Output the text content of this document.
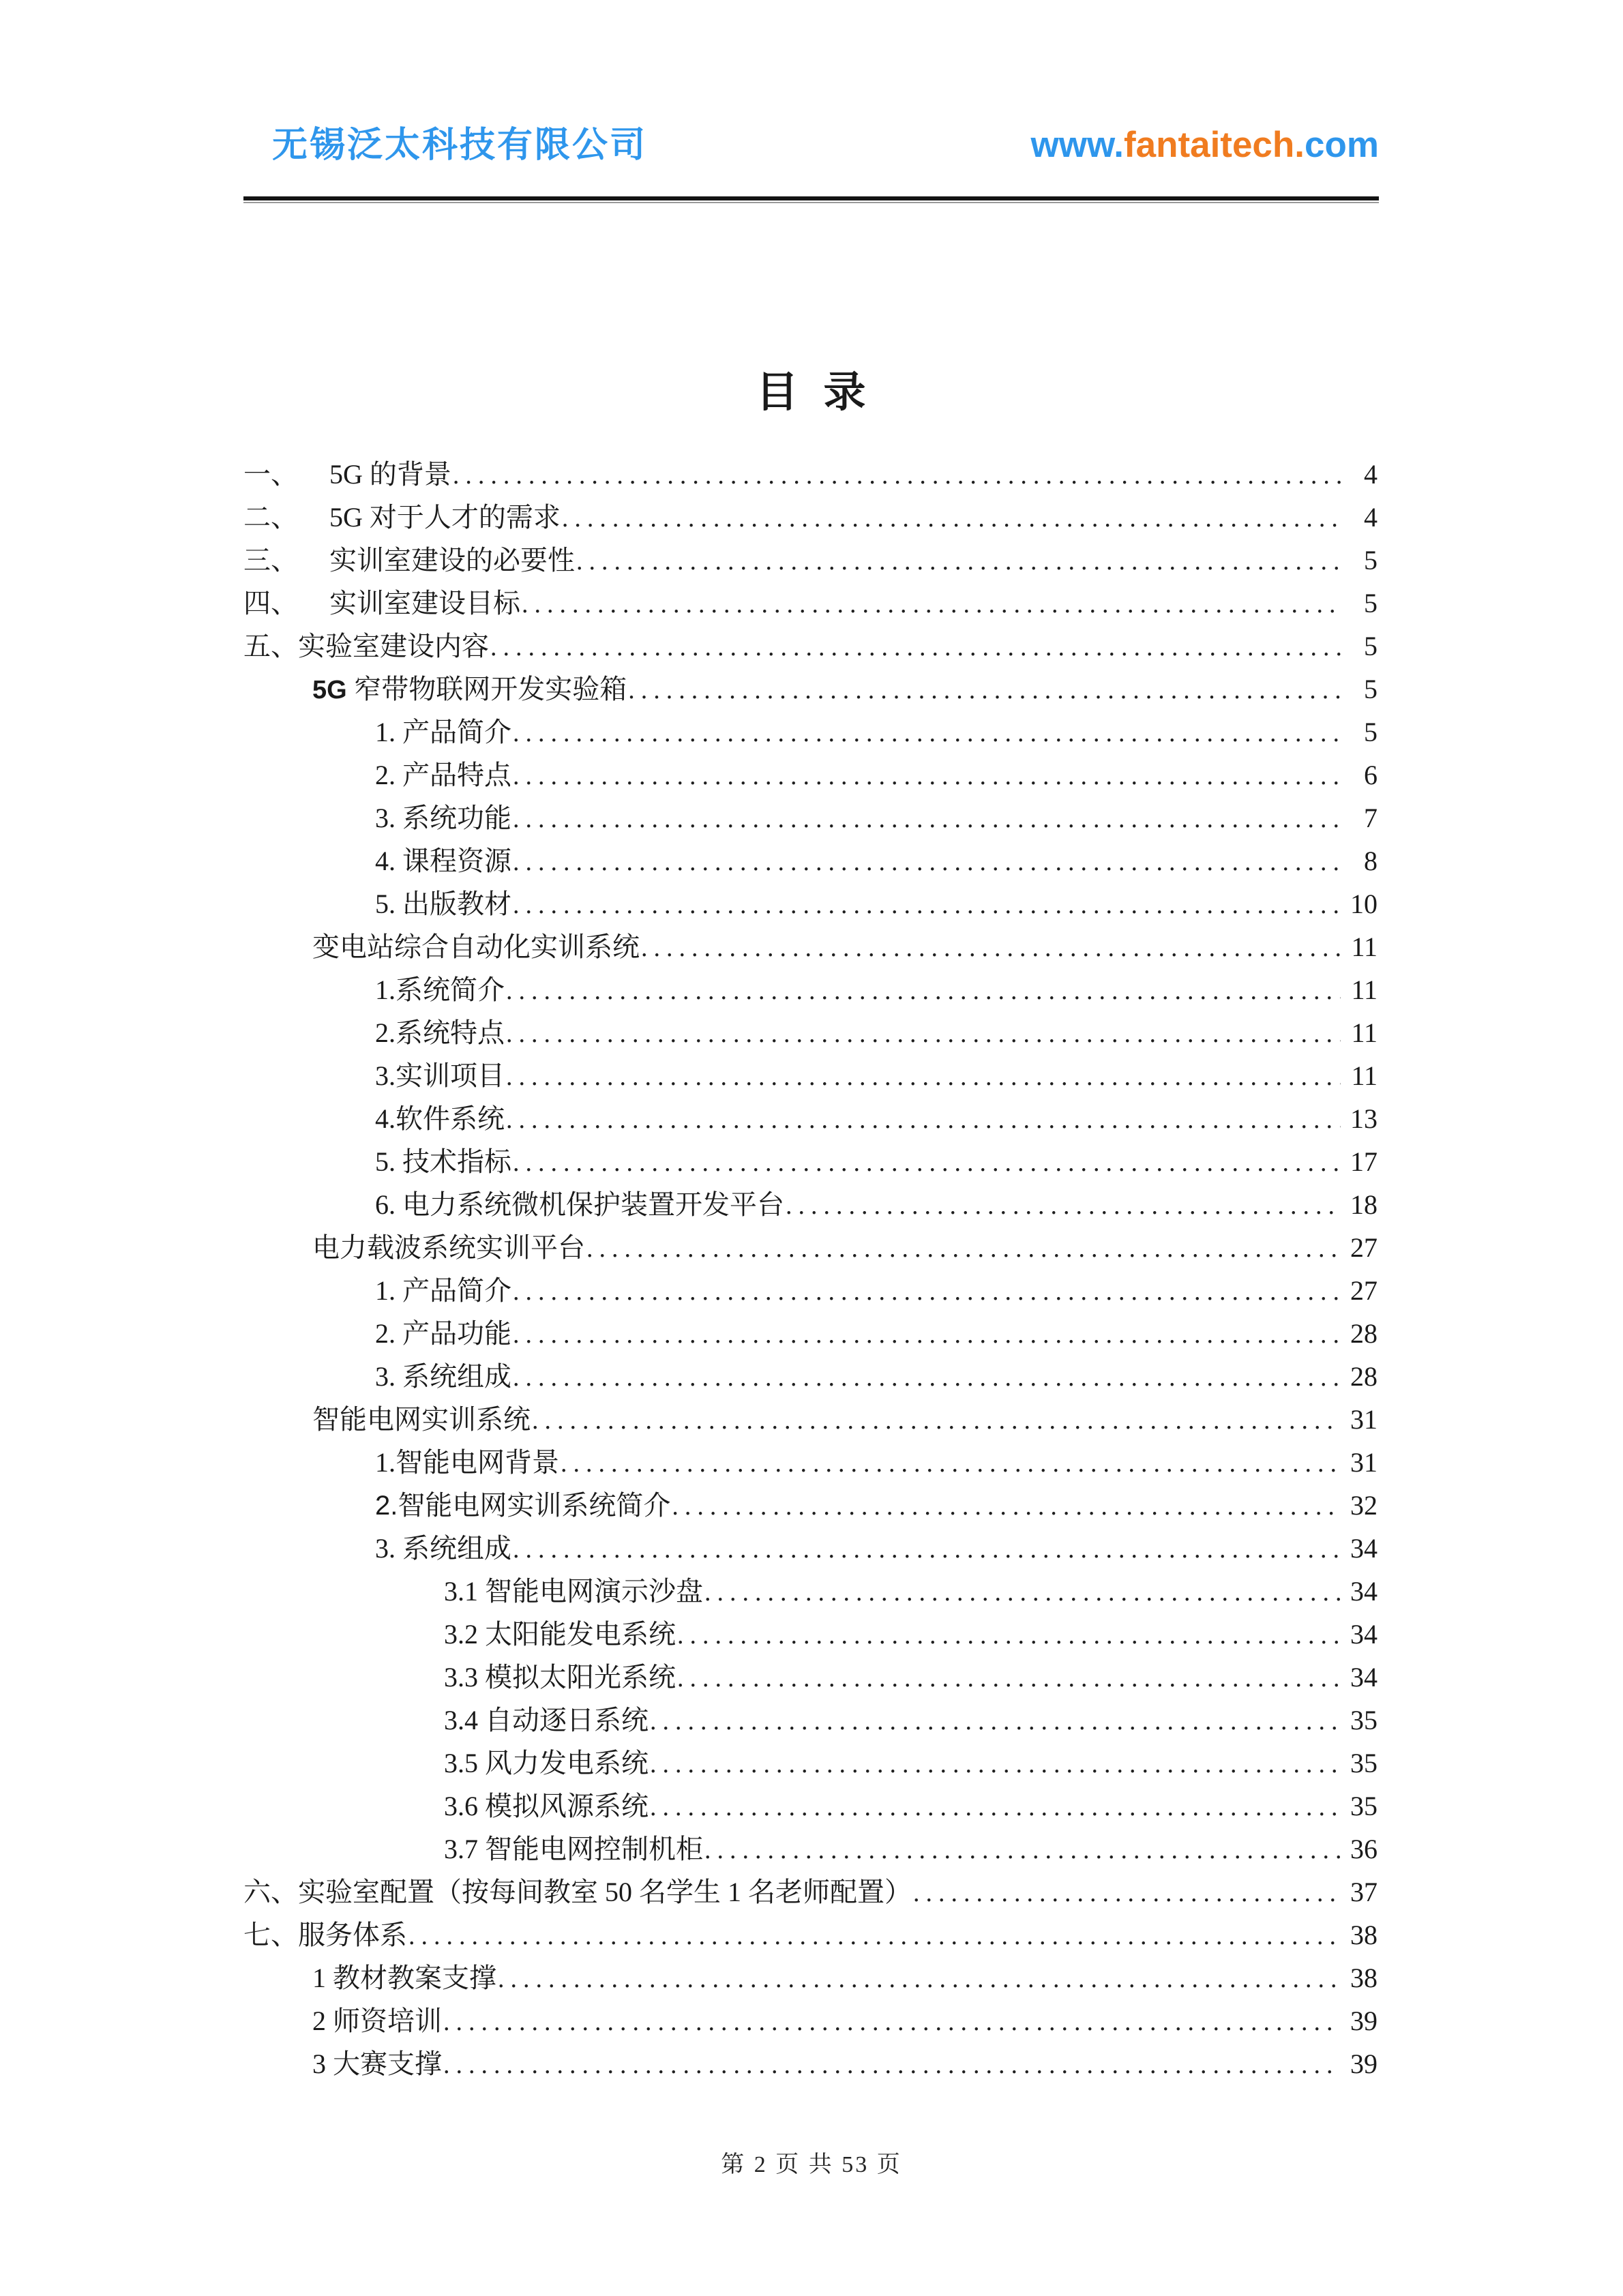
无锡泛太科技有限公司	www.fantaitech.com
目  录
一、 5G 的背景 .....	4
二、 5G 对于人才的需求 .....	4
三、 实训室建设的必要性 .....	5
四、 实训室建设目标 .....	5
五、实验室建设内容 .....	5
5G 窄带物联网开发实验箱 .....	5
1. 产品简介 .....	5
2. 产品特点 .....	6
3. 系统功能 .....	7
4. 课程资源 .....	8
5. 出版教材 .....	10
变电站综合自动化实训系统 .....	11
1.系统简介 .....	11
2.系统特点 .....	11
3.实训项目 .....	11
4.软件系统 .....	13
5. 技术指标 .....	17
6. 电力系统微机保护装置开发平台 .....	18
电力载波系统实训平台 .....	27
1. 产品简介 .....	27
2. 产品功能 .....	28
3. 系统组成 .....	28
智能电网实训系统 .....	31
1.智能电网背景 .....	31
2.智能电网实训系统简介 .....	32
3. 系统组成 .....	34
3.1 智能电网演示沙盘 .....	34
3.2 太阳能发电系统 .....	34
3.3 模拟太阳光系统 .....	34
3.4 自动逐日系统 .....	35
3.5 风力发电系统 .....	35
3.6 模拟风源系统 .....	35
3.7 智能电网控制机柜 .....	36
六、实验室配置（按每间教室 50 名学生 1 名老师配置） .....	37
七、服务体系 .....	38
1 教材教案支撑 .....	38
2 师资培训 .....	39
3 大赛支撑 .....	39
第 2 页 共 53 页
